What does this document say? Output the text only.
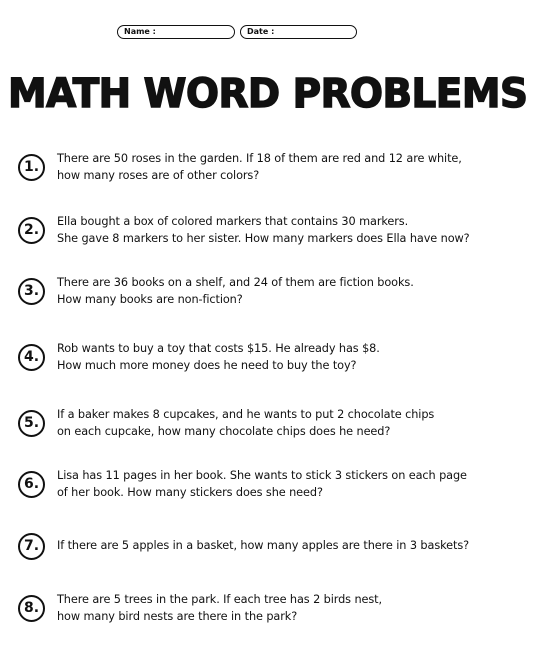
Name :	Date :
MATH WORD PROBLEMS
1.
There are 50 roses in the garden. If 18 of them are red and 12 are white,
how many roses are of other colors?
2.
Ella bought a box of colored markers that contains 30 markers.
She gave 8 markers to her sister. How many markers does Ella have now?
3.
There are 36 books on a shelf, and 24 of them are fiction books.
How many books are non-fiction?
4.
Rob wants to buy a toy that costs $15. He already has $8.
How much more money does he need to buy the toy?
5.
If a baker makes 8 cupcakes, and he wants to put 2 chocolate chips
on each cupcake, how many chocolate chips does he need?
6.
Lisa has 11 pages in her book. She wants to stick 3 stickers on each page
of her book. How many stickers does she need?
7.	If there are 5 apples in a basket, how many apples are there in 3 baskets?
8.
There are 5 trees in the park. If each tree has 2 birds nest,
how many bird nests are there in the park?
